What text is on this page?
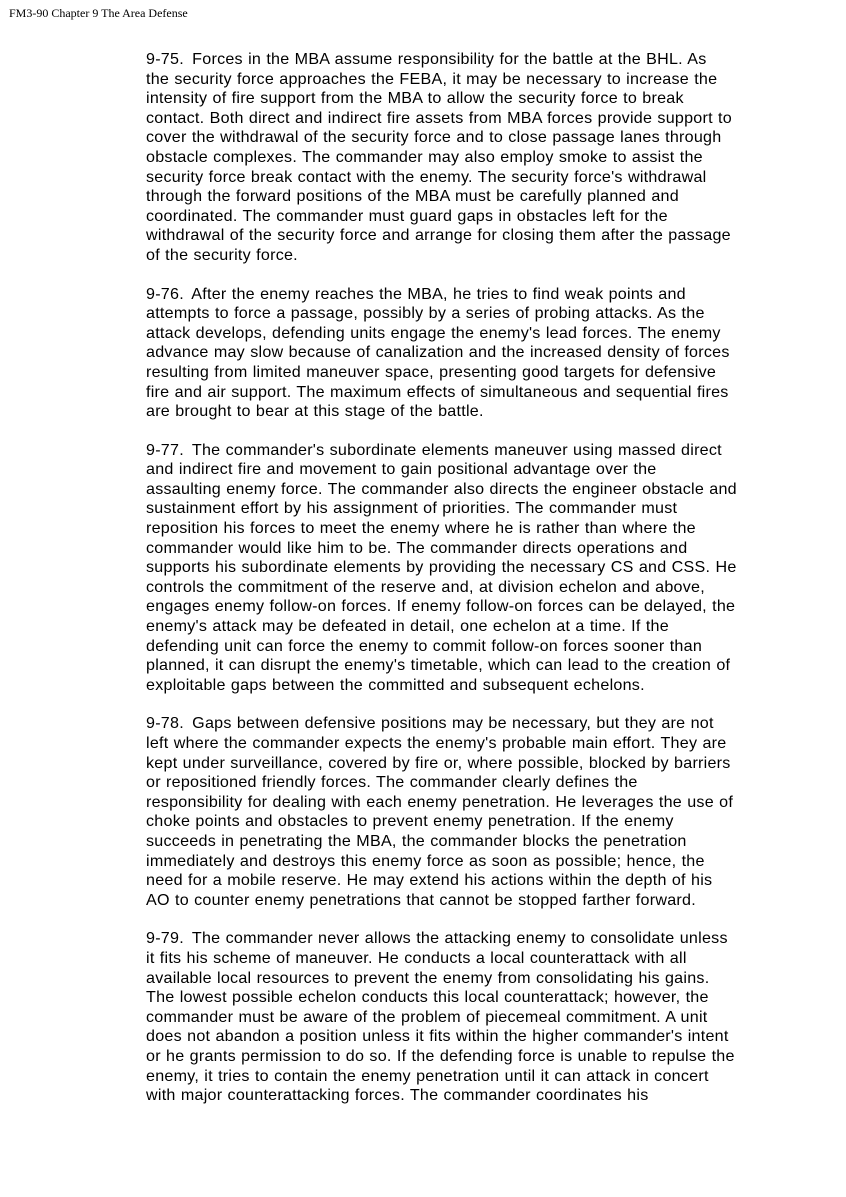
FM3-90 Chapter 9 The Area Defense

9-75. Forces in the MBA assume responsibility for the battle at the BHL. As
the security force approaches the FEBA, it may be necessary to increase the
intensity of fire support from the MBA to allow the security force to break
contact. Both direct and indirect fire assets from MBA forces provide support to
cover the withdrawal of the security force and to close passage lanes through
obstacle complexes. The commander may also employ smoke to assist the
security force break contact with the enemy. The security force's withdrawal
through the forward positions of the MBA must be carefully planned and
coordinated. The commander must guard gaps in obstacles left for the
withdrawal of the security force and arrange for closing them after the passage
of the security force.

9-76. After the enemy reaches the MBA, he tries to find weak points and
attempts to force a passage, possibly by a series of probing attacks. As the
attack develops, defending units engage the enemy's lead forces. The enemy
advance may slow because of canalization and the increased density of forces
resulting from limited maneuver space, presenting good targets for defensive
fire and air support. The maximum effects of simultaneous and sequential fires
are brought to bear at this stage of the battle.

9-77. The commander's subordinate elements maneuver using massed direct
and indirect fire and movement to gain positional advantage over the
assaulting enemy force. The commander also directs the engineer obstacle and
sustainment effort by his assignment of priorities. The commander must
reposition his forces to meet the enemy where he is rather than where the
commander would like him to be. The commander directs operations and
supports his subordinate elements by providing the necessary CS and CSS. He
controls the commitment of the reserve and, at division echelon and above,
engages enemy follow-on forces. If enemy follow-on forces can be delayed, the
enemy's attack may be defeated in detail, one echelon at a time. If the
defending unit can force the enemy to commit follow-on forces sooner than
planned, it can disrupt the enemy's timetable, which can lead to the creation of
exploitable gaps between the committed and subsequent echelons.

9-78. Gaps between defensive positions may be necessary, but they are not
left where the commander expects the enemy's probable main effort. They are
kept under surveillance, covered by fire or, where possible, blocked by barriers
or repositioned friendly forces. The commander clearly defines the
responsibility for dealing with each enemy penetration. He leverages the use of
choke points and obstacles to prevent enemy penetration. If the enemy
succeeds in penetrating the MBA, the commander blocks the penetration
immediately and destroys this enemy force as soon as possible; hence, the
need for a mobile reserve. He may extend his actions within the depth of his
AO to counter enemy penetrations that cannot be stopped farther forward.

9-79. The commander never allows the attacking enemy to consolidate unless
it fits his scheme of maneuver. He conducts a local counterattack with all
available local resources to prevent the enemy from consolidating his gains.
The lowest possible echelon conducts this local counterattack; however, the
commander must be aware of the problem of piecemeal commitment. A unit
does not abandon a position unless it fits within the higher commander's intent
or he grants permission to do so. If the defending force is unable to repulse the
enemy, it tries to contain the enemy penetration until it can attack in concert
with major counterattacking forces. The commander coordinates his
